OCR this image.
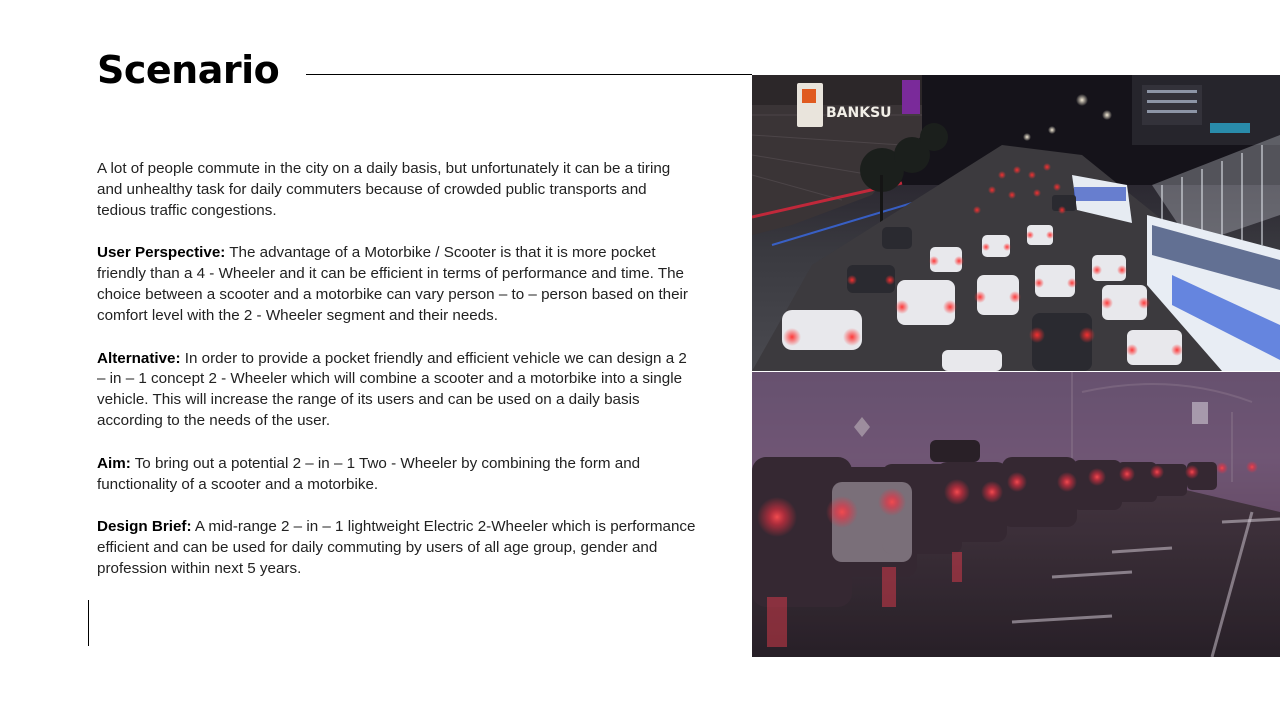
Scenario

A lot of people commute in the city on a daily basis, but unfortunately it can be a tiring and unhealthy task for daily commuters because of crowded public transports and tedious traffic congestions.

User Perspective: The advantage of a Motorbike / Scooter is that it is more pocket friendly than a 4 - Wheeler and it can be efficient in terms of performance and time. The choice between a scooter and a motorbike can vary person – to – person based on their comfort level with the 2 - Wheeler segment and their needs.

Alternative: In order to provide a pocket friendly and efficient vehicle we can design a 2 – in – 1 concept 2 - Wheeler which will combine a scooter and a motorbike into a single vehicle. This will increase the range of its users and can be used on a daily basis according to the needs of the user.

Aim: To bring out a potential 2 – in – 1 Two - Wheeler by combining the form and functionality of a scooter and a motorbike.

Design Brief: A mid-range 2 – in – 1 lightweight Electric 2-Wheeler which is performance efficient and can be used for daily commuting by users of all age group, gender and profession within next 5 years.

BANKSU
